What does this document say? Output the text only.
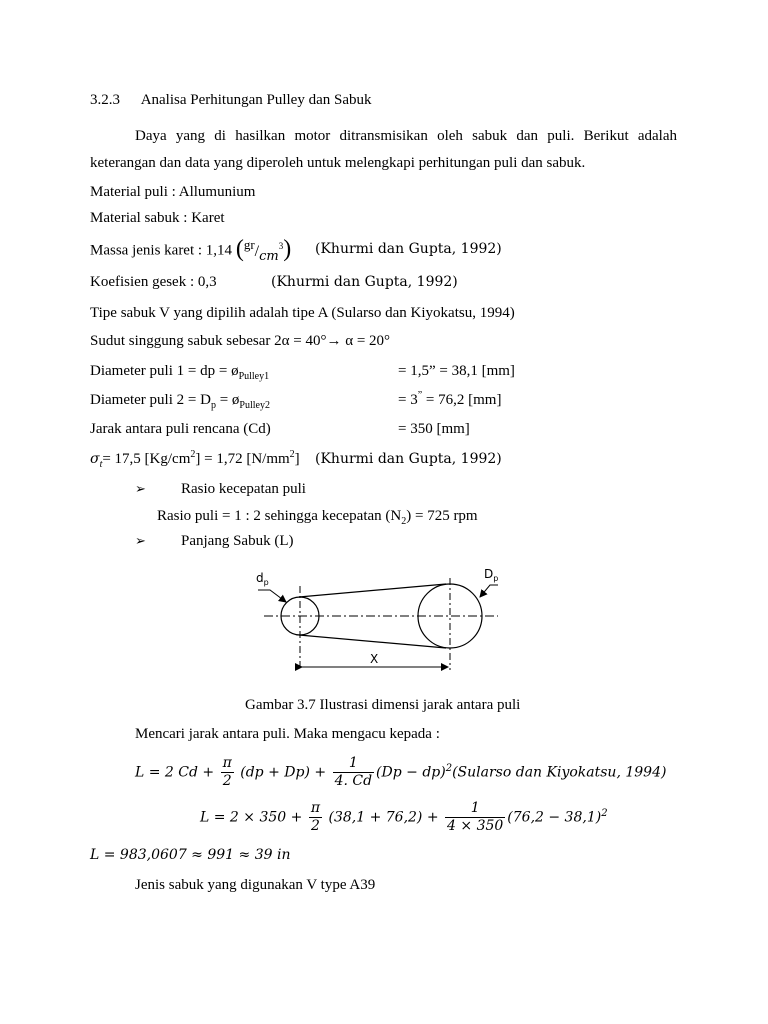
3.2.3 Analisa Perhitungan Pulley dan Sabuk
Daya yang di hasilkan motor ditransmisikan oleh sabuk dan puli. Berikut adalah
keterangan dan data yang diperoleh untuk melengkapi perhitungan puli dan sabuk.
Material puli : Allumunium
Material sabuk : Karet
Massa jenis karet : 1,14 $(^{gr}/cm^3)$ (Khurmi dan Gupta, 1992)
Koefisien gesek : 0,3	(Khurmi dan Gupta, 1992)
Tipe sabuk V yang dipilih adalah tipe A (Sularso dan Kiyokatsu, 1994)
Sudut singgung sabuk sebesar 2α = 40°→ α = 20°
Diameter puli 1 = dp = $ø_{Pulley1}$	= 1,5” = 38,1 [mm]
Diameter puli $2 = D_p$ = $ø_{Pulley2}$	= 3” = 76,2 [mm]
Jarak antara puli rencana (Cd)	= 350 [mm]
$\sigma_t= 17,5$ $[Kg/cm^2] = 1,72$ $[N/mm^2]$ (Khurmi dan Gupta, 1992)
➢ Rasio kecepatan puli
Rasio puli = 1 : 2 sehingga kecepatan $(N_2) = 725$ rpm
➢ Panjang Sabuk (L)
$d_p$
$D_p$
X
Gambar 3.7 Ilustrasi dimensi jarak antara puli
Mencari jarak antara puli. Maka mengacu kepada :
L = 2 $Cd + \frac{\pi}{2} (dp + Dp) + \frac{1}{4. Cd} (Dp$ − dp)$^2$(Sularso dan Kiyokatsu, 1994)
$L = 2 \times 350 + \frac{\pi}{2} (38,1 + 76,2) + \frac{1}{4 \times 350} (76,2 - 38,1)^2$
L = 983,0607 ≈ 991 ≈ 39 in
Jenis sabuk yang digunakan V type A39
